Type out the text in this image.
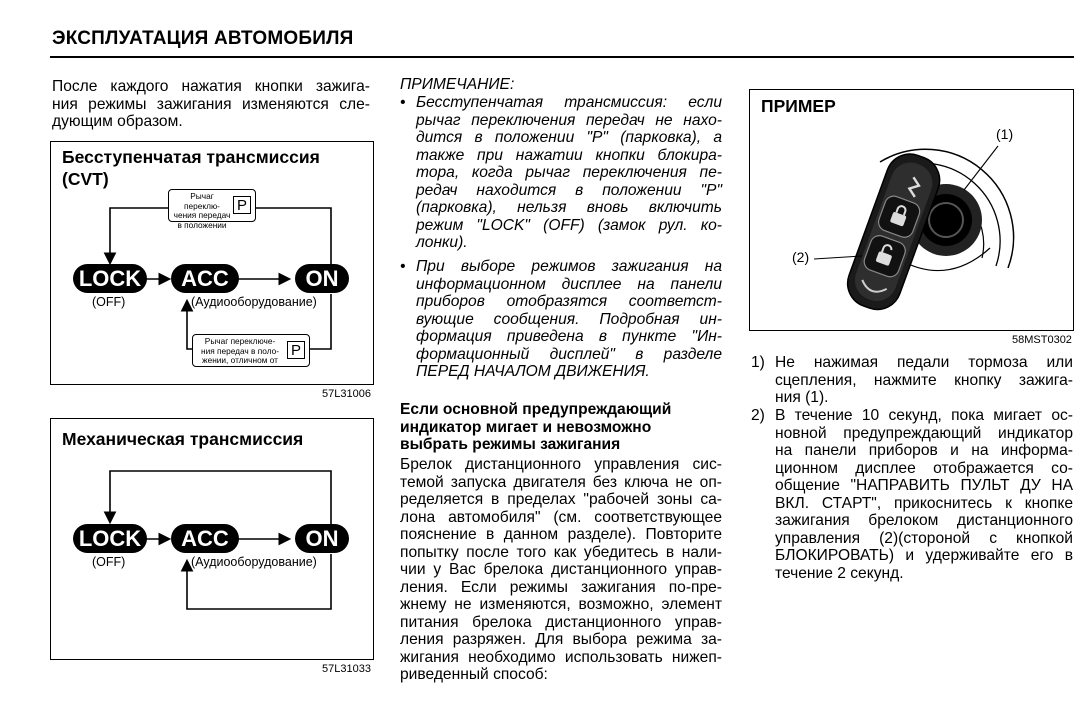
ЭКСПЛУАТАЦИЯ АВТОМОБИЛЯ
После каждого нажатия кнопки зажига-
ния режимы зажигания изменяются сле-
дующим образом.
Бесступенчатая трансмиссия
(CVT)
Рычаг переклю-
чения передач
в положении
P
LOCK	ACC	ON
(OFF)	(Аудиооборудование)
Рычаг переключе-
ния передач в поло-
жении, отличном от
P
57L31006
Механическая трансмиссия
LOCK	ACC	ON
(OFF)	(Аудиооборудование)
57L31033
ПРИМЕЧАНИЕ:
• Бесступенчатая трансмиссия: если
рычаг переключения передач не нахо-
дится в положении "P" (парковка), а
также при нажатии кнопки блокира-
тора, когда рычаг переключения пе-
редач находится в положении "P"
(парковка), нельзя вновь включить
режим "LOCK" (OFF) (замок рул. ко-
лонки).
• При выборе режимов зажигания на
информационном дисплее на панели
приборов отобразятся соответст-
вующие сообщения. Подробная ин-
формация приведена в пункте "Ин-
формационный дисплей" в разделе
ПЕРЕД НАЧАЛОМ ДВИЖЕНИЯ.
Если основной предупреждающий
индикатор мигает и невозможно
выбрать режимы зажигания
Брелок дистанционного управления сис-
темой запуска двигателя без ключа не оп-
ределяется в пределах "рабочей зоны са-
лона автомобиля" (см. соответствующее
пояснение в данном разделе). Повторите
попытку после того как убедитесь в нали-
чии у Вас брелока дистанционного управ-
ления. Если режимы зажигания по-пре-
жнему не изменяются, возможно, элемент
питания брелока дистанционного управ-
ления разряжен. Для выбора режима за-
жигания необходимо использовать нижеп-
риведенный способ:
ПРИМЕР
(1)
(2)
58MST0302
1) Не нажимая педали тормоза или
сцепления, нажмите кнопку зажига-
ния (1).
2) В течение 10 секунд, пока мигает ос-
новной предупреждающий индикатор
на панели приборов и на информа-
ционном дисплее отображается со-
общение "НАПРАВИТЬ ПУЛЬТ ДУ НА
ВКЛ. СТАРТ", прикоснитесь к кнопке
зажигания брелоком дистанционного
управления (2)(стороной с кнопкой
БЛОКИРОВАТЬ) и удерживайте его в
течение 2 секунд.
